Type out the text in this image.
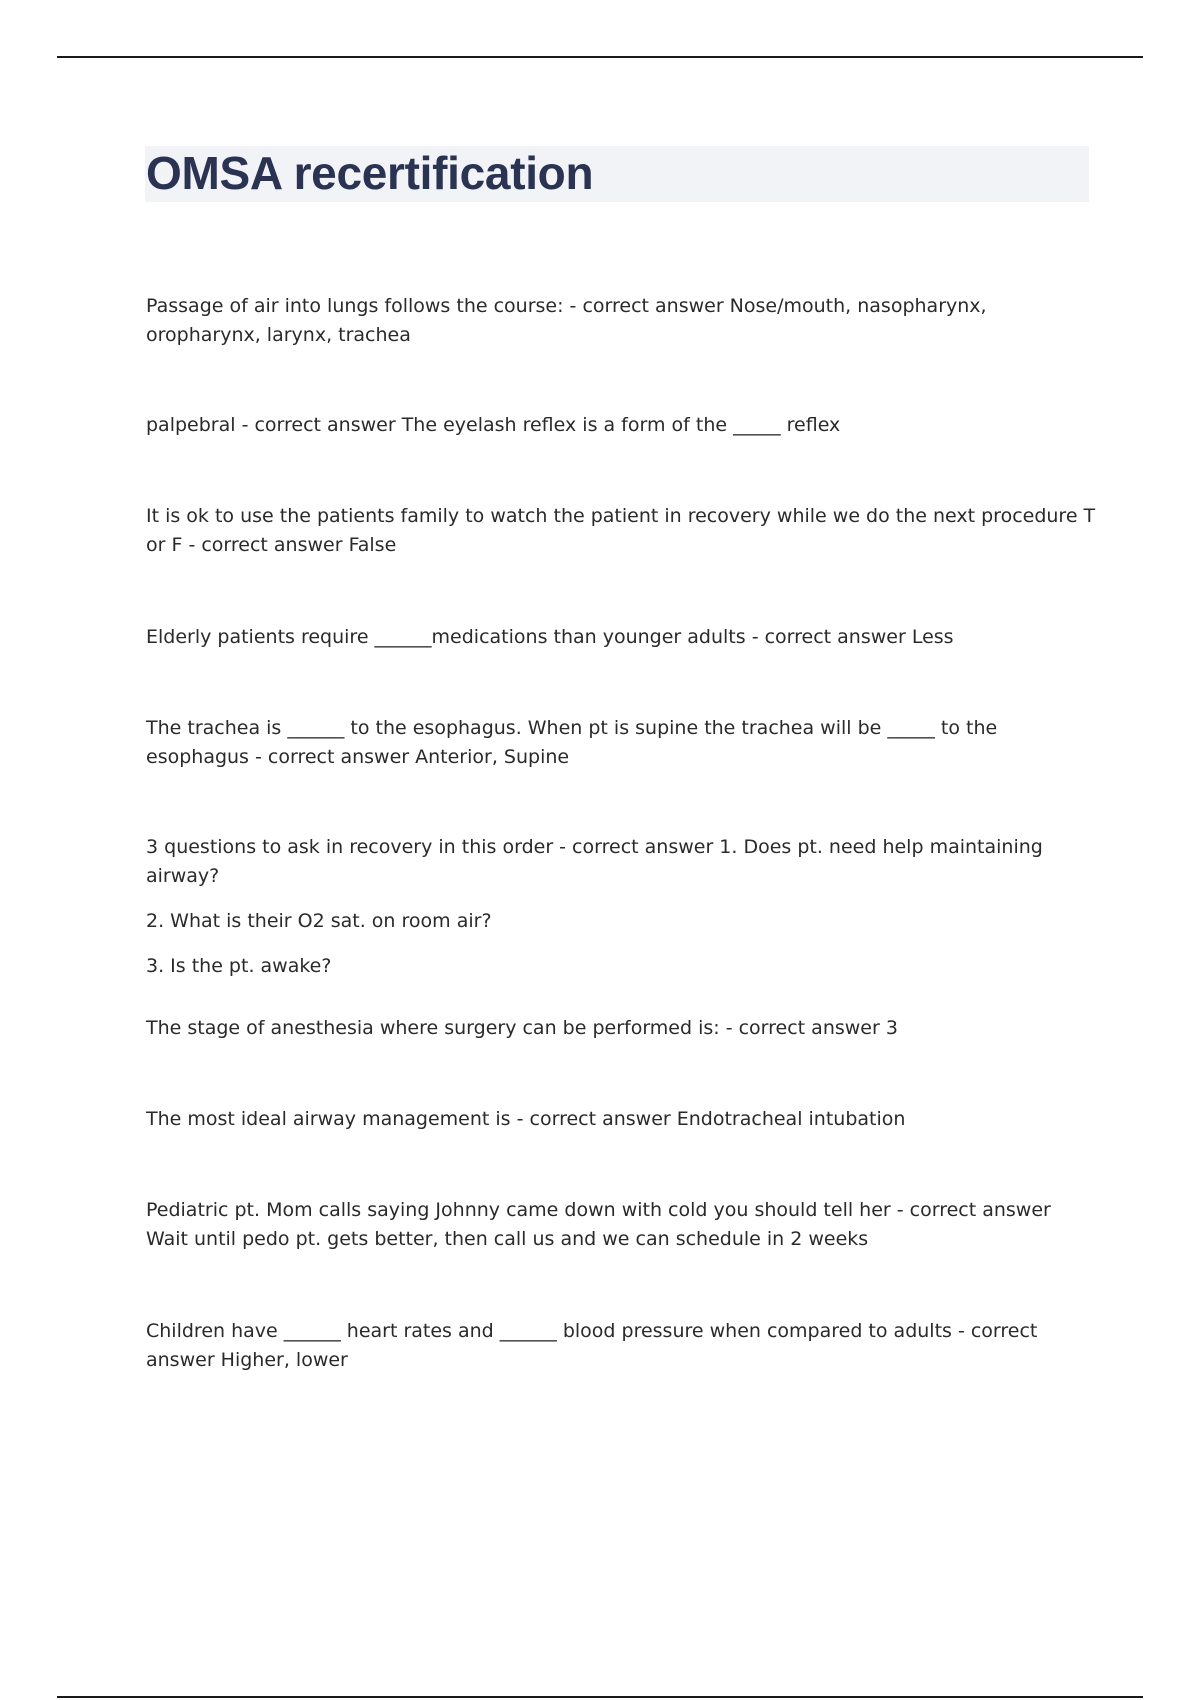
OMSA recertification

Passage of air into lungs follows the course: - correct answer Nose/mouth, nasopharynx, oropharynx, larynx, trachea

palpebral - correct answer The eyelash reflex is a form of the _____ reflex

It is ok to use the patients family to watch the patient in recovery while we do the next procedure T or F - correct answer False

Elderly patients require ______medications than younger adults - correct answer Less

The trachea is ______ to the esophagus. When pt is supine the trachea will be _____ to the esophagus - correct answer Anterior, Supine

3 questions to ask in recovery in this order - correct answer 1. Does pt. need help maintaining airway?

2. What is their O2 sat. on room air?

3. Is the pt. awake?

The stage of anesthesia where surgery can be performed is: - correct answer 3

The most ideal airway management is - correct answer Endotracheal intubation

Pediatric pt. Mom calls saying Johnny came down with cold you should tell her - correct answer Wait until pedo pt. gets better, then call us and we can schedule in 2 weeks

Children have ______ heart rates and ______ blood pressure when compared to adults - correct answer Higher, lower
